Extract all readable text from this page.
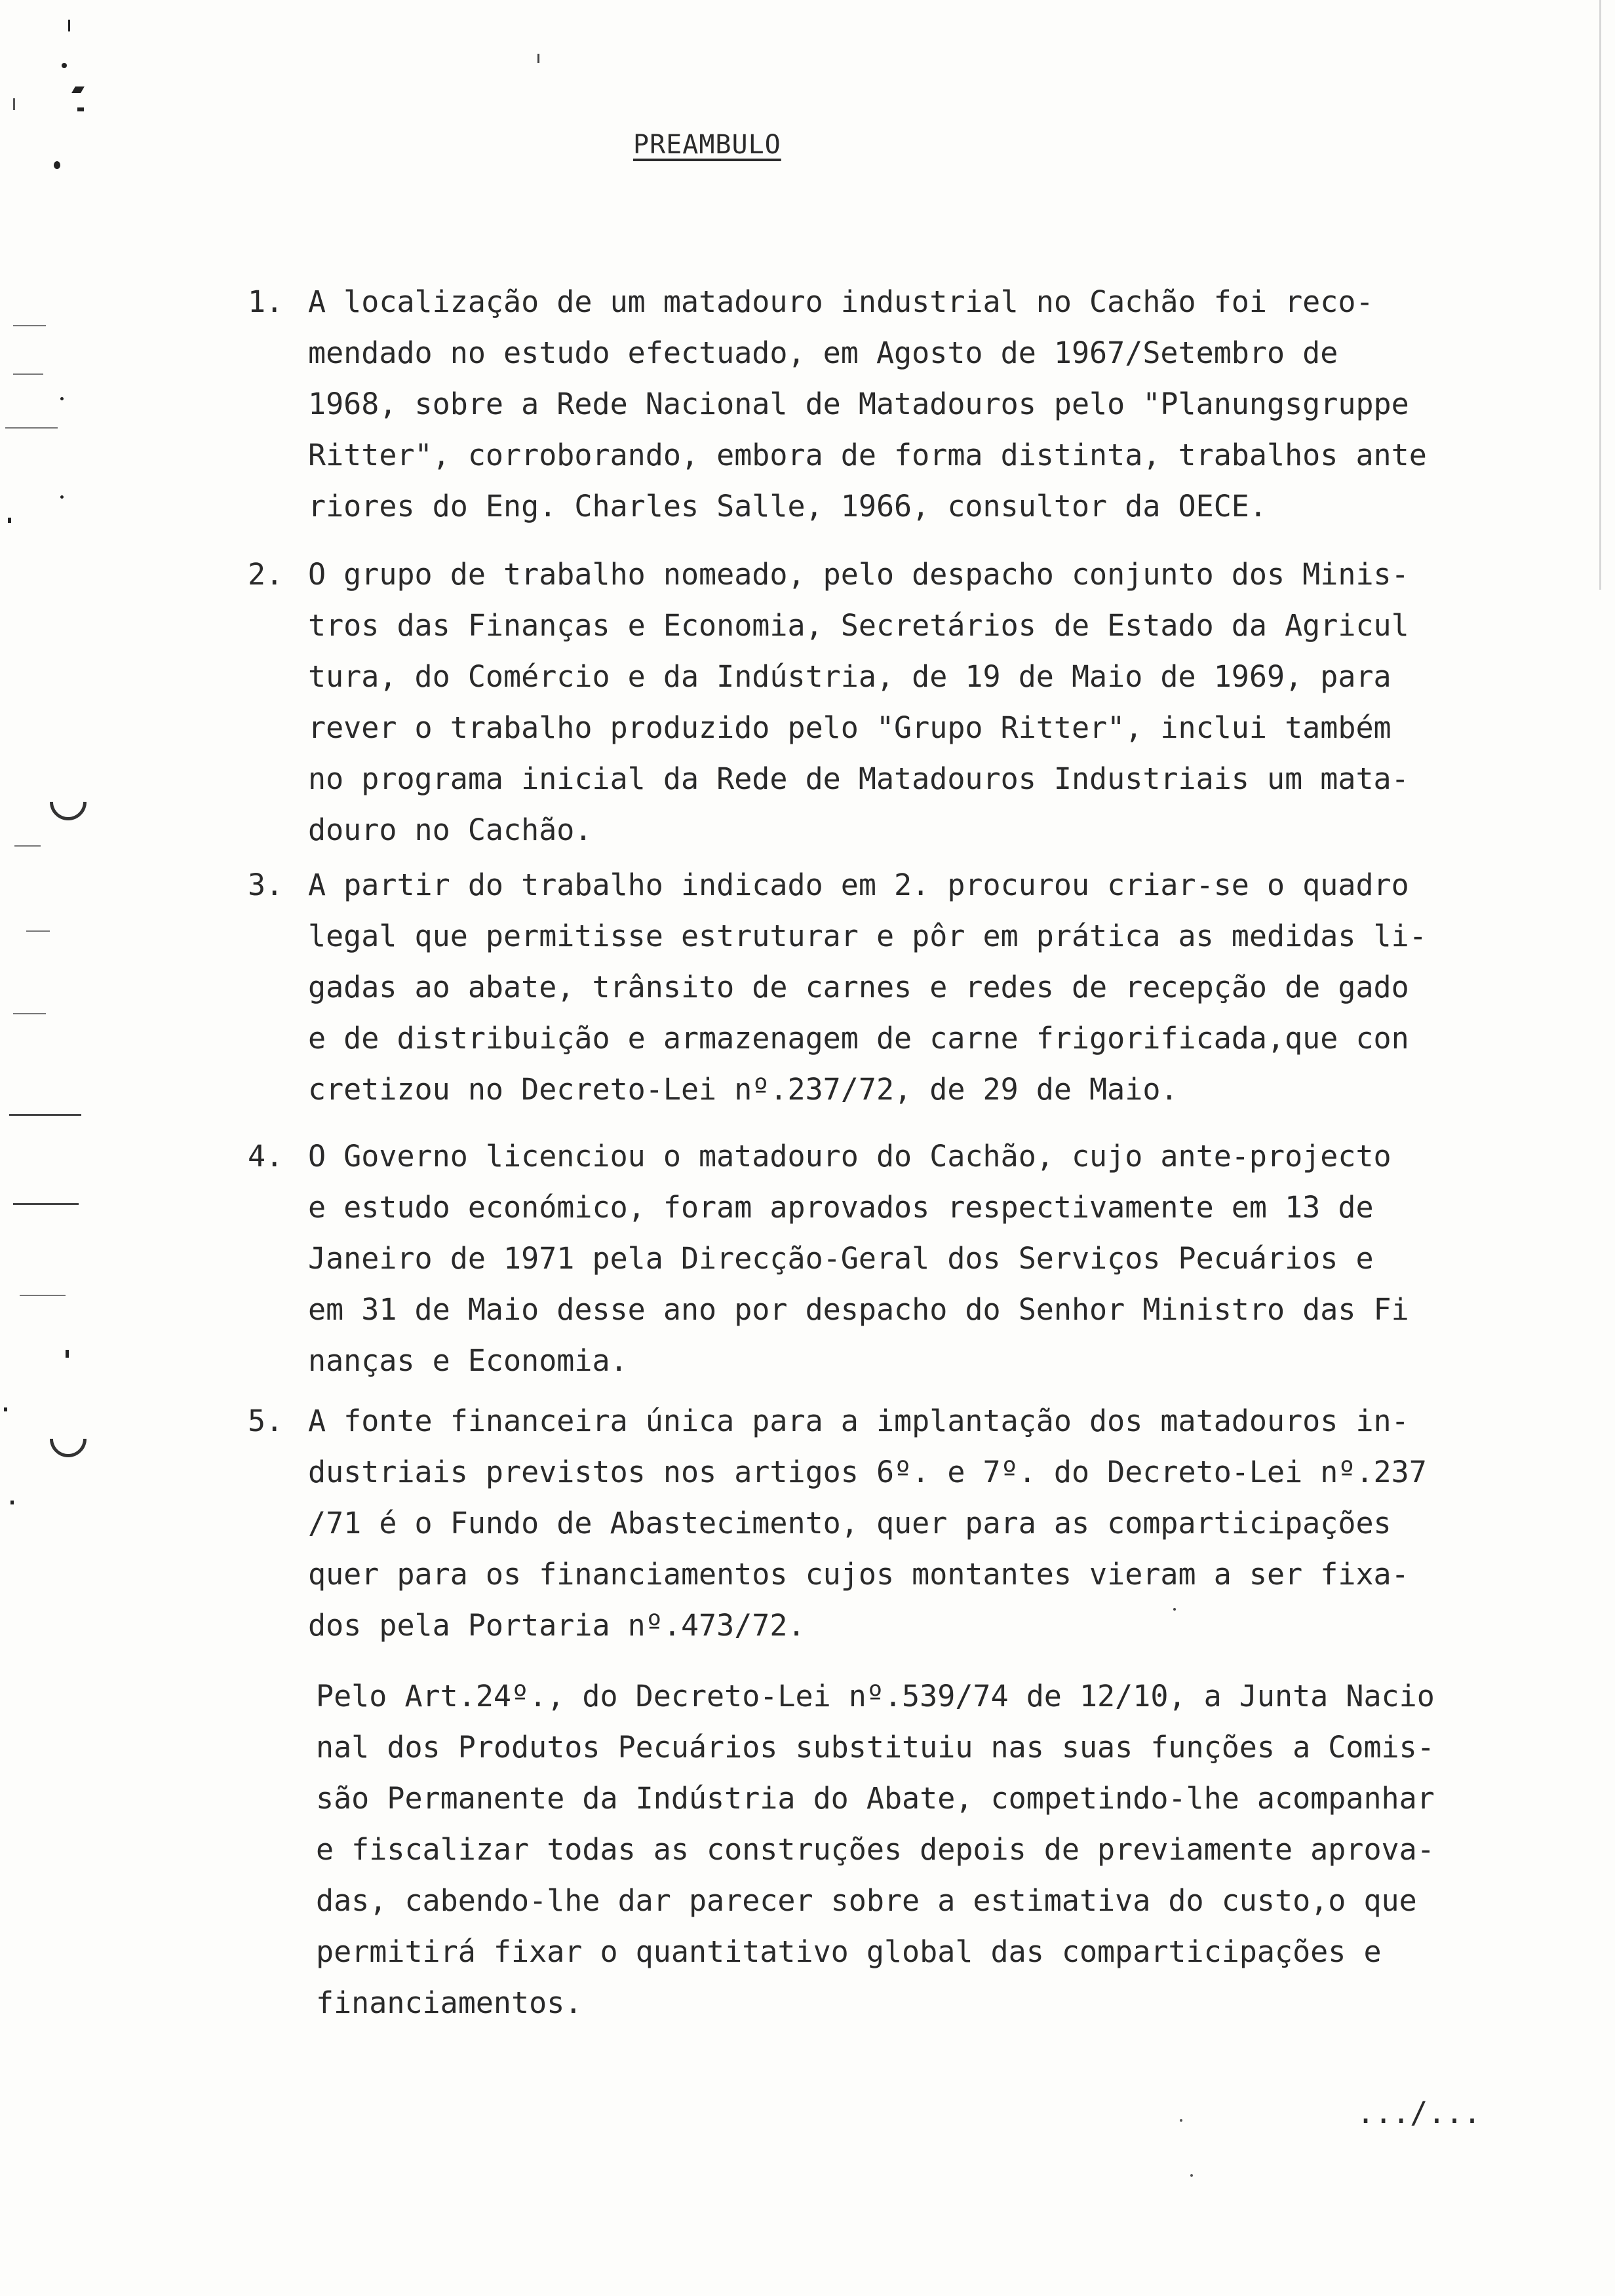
PREAMBULO
1. A localização de um matadouro industrial no Cachão foi reco-
mendado no estudo efectuado, em Agosto de 1967/Setembro de
1968, sobre a Rede Nacional de Matadouros pelo "Planungsgruppe
Ritter", corroborando, embora de forma distinta, trabalhos ante
riores do Eng. Charles Salle, 1966, consultor da OECE.
2. O grupo de trabalho nomeado, pelo despacho conjunto dos Minis-
tros das Finanças e Economia, Secretários de Estado da Agricul
tura, do Comércio e da Indústria, de 19 de Maio de 1969, para
rever o trabalho produzido pelo "Grupo Ritter", inclui também
no programa inicial da Rede de Matadouros Industriais um mata-
douro no Cachão.
3. A partir do trabalho indicado em 2. procurou criar-se o quadro
legal que permitisse estruturar e pôr em prática as medidas li-
gadas ao abate, trânsito de carnes e redes de recepção de gado
e de distribuição e armazenagem de carne frigorificada,que con
cretizou no Decreto-Lei nº.237/72, de 29 de Maio.
4. O Governo licenciou o matadouro do Cachão, cujo ante-projecto
e estudo económico, foram aprovados respectivamente em 13 de
Janeiro de 1971 pela Direcção-Geral dos Serviços Pecuários e
em 31 de Maio desse ano por despacho do Senhor Ministro das Fi
nanças e Economia.
5. A fonte financeira única para a implantação dos matadouros in-
dustriais previstos nos artigos 6º. e 7º. do Decreto-Lei nº.237
/71 é o Fundo de Abastecimento, quer para as comparticipações
quer para os financiamentos cujos montantes vieram a ser fixa-
dos pela Portaria nº.473/72.
Pelo Art.24º., do Decreto-Lei nº.539/74 de 12/10, a Junta Nacio
nal dos Produtos Pecuários substituiu nas suas funções a Comis-
são Permanente da Indústria do Abate, competindo-lhe acompanhar
e fiscalizar todas as construções depois de previamente aprova-
das, cabendo-lhe dar parecer sobre a estimativa do custo,o que
permitirá fixar o quantitativo global das comparticipações e
financiamentos.
.../...
